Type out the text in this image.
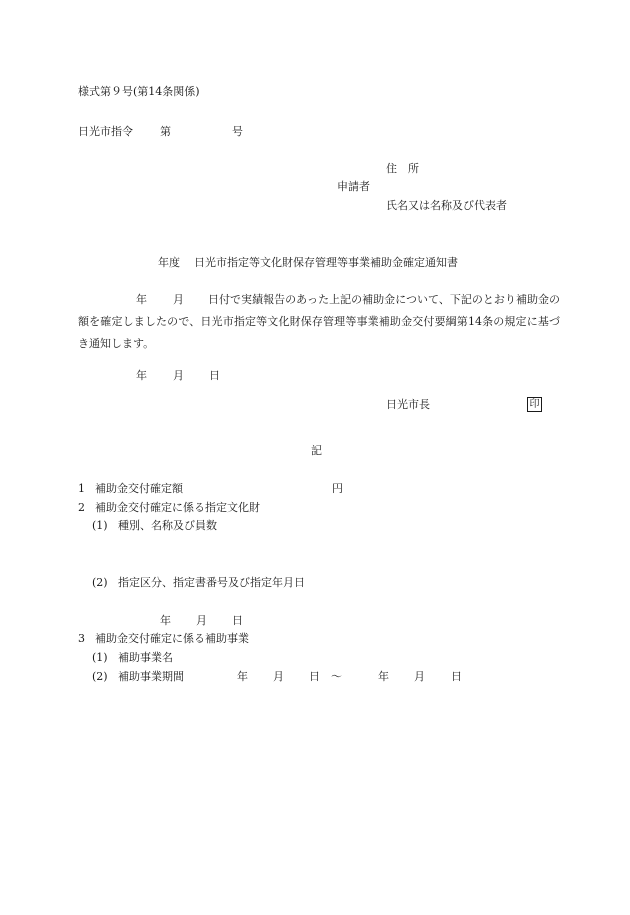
様式第９号(第14条関係)
日光市指令 第	号
住　所
申請者
氏名又は名称及び代表者
年度 日光市指定等文化財保存管理等事業補助金確定通知書
年 月	日付で実績報告のあった上記の補助金について、下記のとおり補助金の額を確定しましたので、日光市指定等文化財保存管理等事業補助金交付要綱第14条の規定に基づき通知します。
年 月 日
日光市長	印
記
1 補助金交付確定額	円
2 補助金交付確定に係る指定文化財
(1) 種別、名称及び員数
(2) 指定区分、指定書番号及び指定年月日
年 月 日
3 補助金交付確定に係る補助事業
(1) 補助事業名
(2) 補助事業期間	年 月 日 ～	年 月 日
